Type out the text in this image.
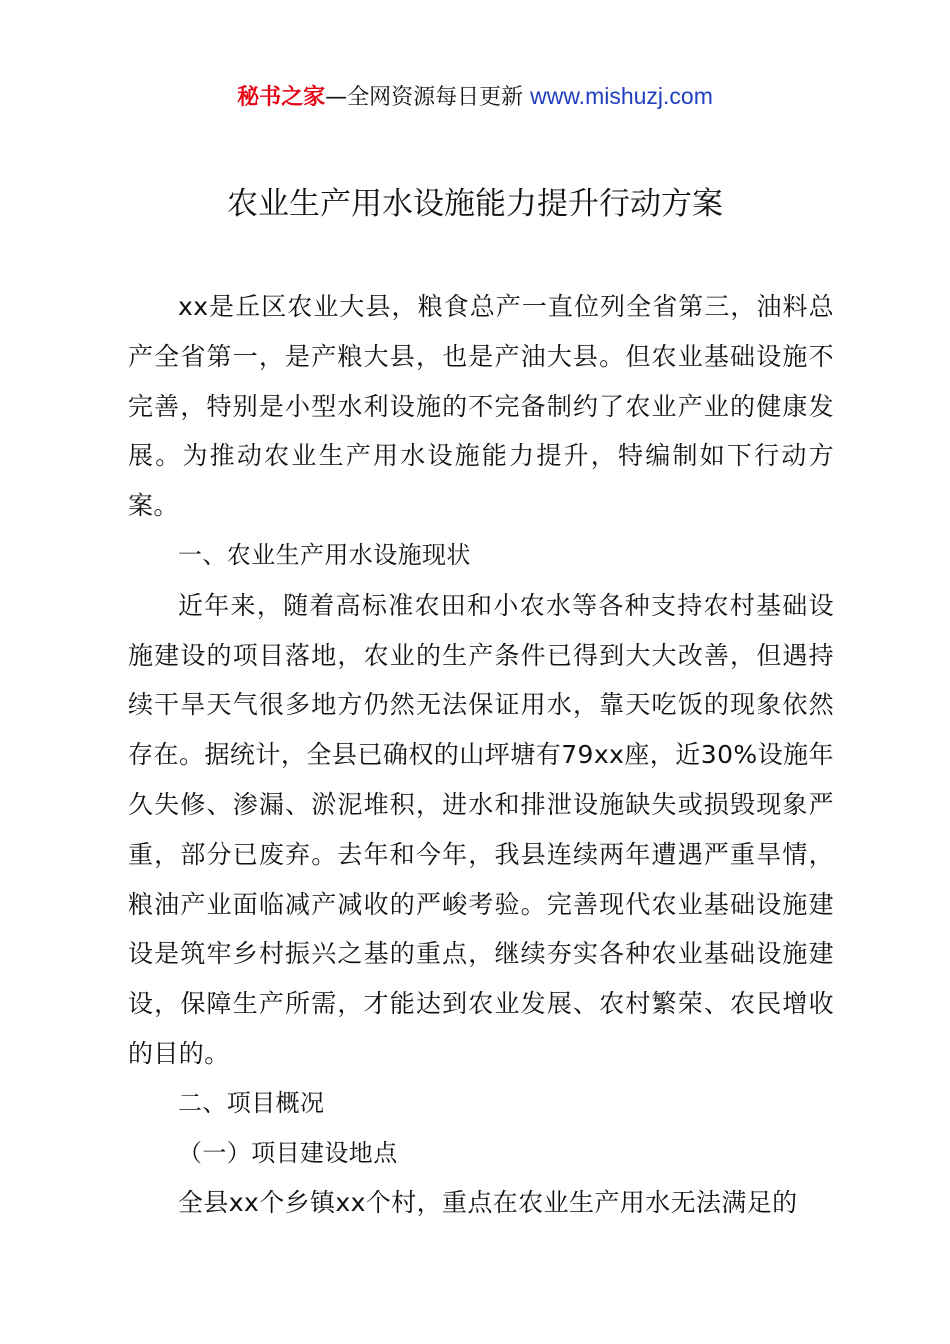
秘书之家—全网资源每日更新 www.mishuzj.com
农业生产用水设施能力提升行动方案

xx是丘区农业大县，粮食总产一直位列全省第三，油料总产全省第一，是产粮大县，也是产油大县。但农业基础设施不完善，特别是小型水利设施的不完备制约了农业产业的健康发展。为推动农业生产用水设施能力提升，特编制如下行动方案。

一、农业生产用水设施现状

近年来，随着高标准农田和小农水等各种支持农村基础设施建设的项目落地，农业的生产条件已得到大大改善，但遇持续干旱天气很多地方仍然无法保证用水，靠天吃饭的现象依然存在。据统计，全县已确权的山坪塘有79xx座，近30%设施年久失修、渗漏、淤泥堆积，进水和排泄设施缺失或损毁现象严重，部分已废弃。去年和今年，我县连续两年遭遇严重旱情，粮油产业面临减产减收的严峻考验。完善现代农业基础设施建设是筑牢乡村振兴之基的重点，继续夯实各种农业基础设施建设，保障生产所需，才能达到农业发展、农村繁荣、农民增收的目的。

二、项目概况

（一）项目建设地点

全县xx个乡镇xx个村，重点在农业生产用水无法满足的
